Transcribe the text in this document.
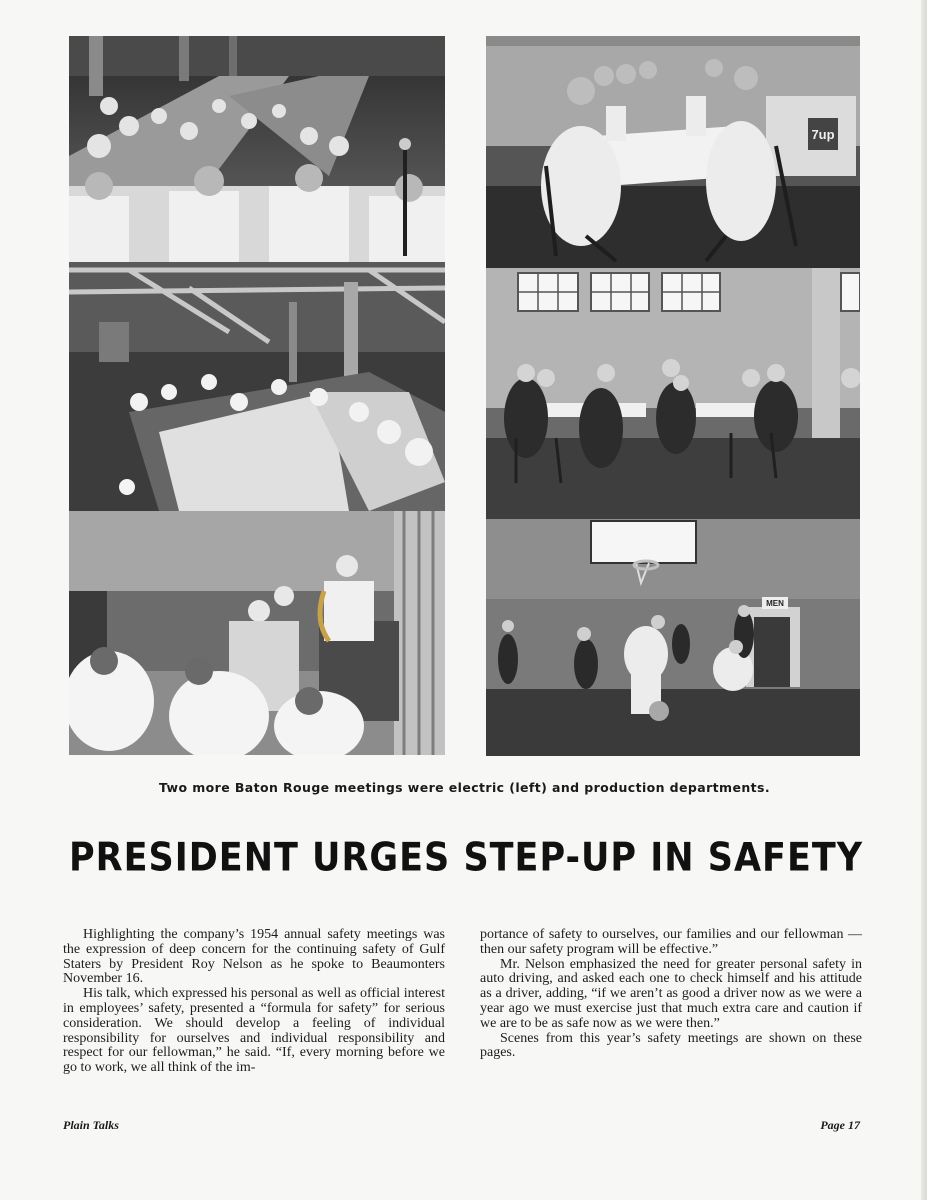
7up
MEN
Two more Baton Rouge meetings were electric (left) and production departments.
PRESIDENT URGES STEP-UP IN SAFETY

Highlighting the company’s 1954 annual safety meetings was the expression of deep concern for the continuing safety of Gulf Staters by President Roy Nelson as he spoke to Beaumonters November 16.

His talk, which expressed his personal as well as official interest in employees’ safety, presented a “formula for safety” for serious consideration. We should develop a feeling of individual responsibility for ourselves and individual responsibility and respect for our fellowman,” he said. “If, every morning before we go to work, we all think of the im-

portance of safety to ourselves, our families and our fellowman — then our safety program will be effective.”

Mr. Nelson emphasized the need for greater personal safety in auto driving, and asked each one to check himself and his attitude as a driver, adding, “if we aren’t as good a driver now as we were a year ago we must exercise just that much extra care and caution if we are to be as safe now as we were then.”

Scenes from this year’s safety meetings are shown on these pages.

Plain Talks	Page 17
